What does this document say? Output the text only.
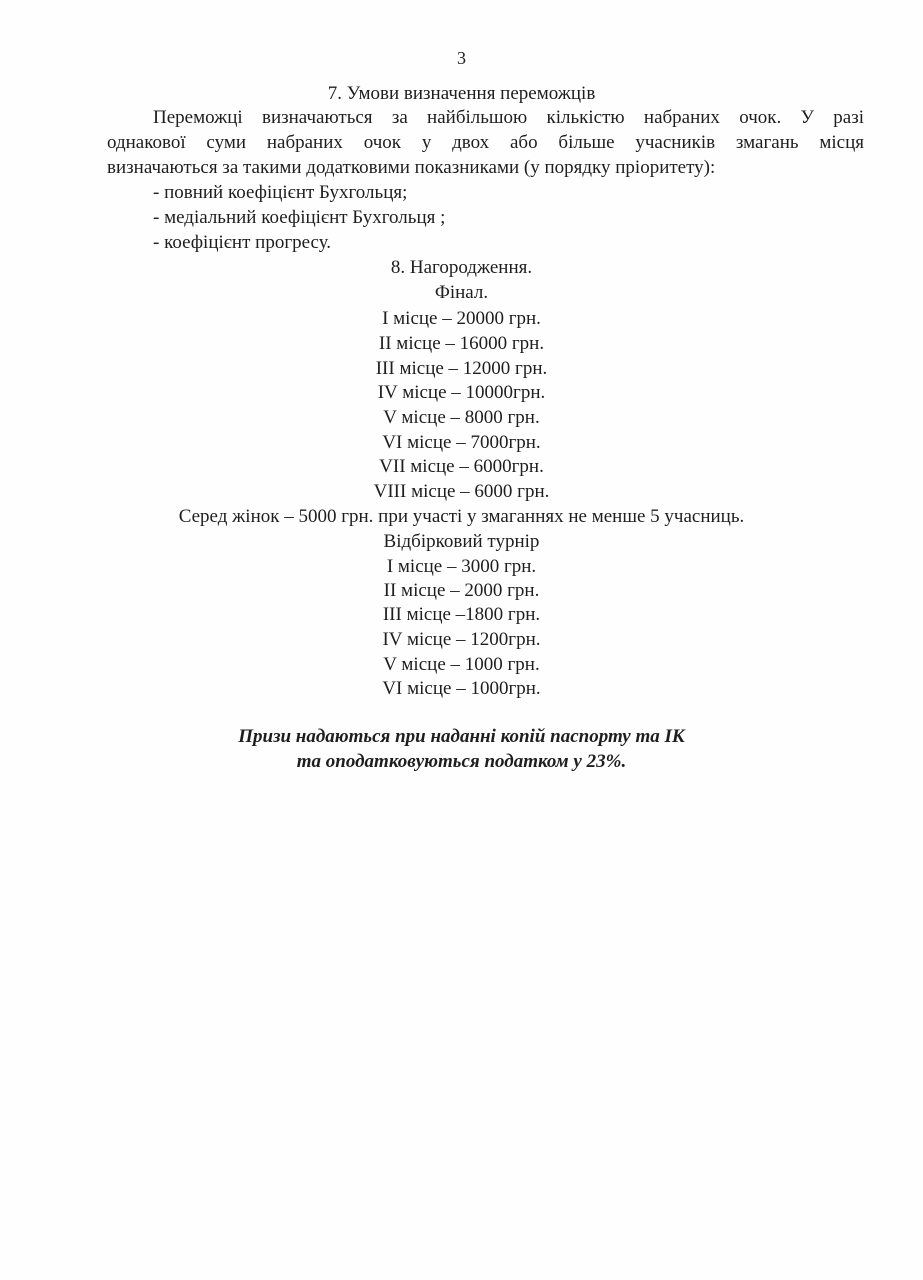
3
7. Умови визначення переможців
Переможці визначаються за найбільшою кількістю набраних очок. У разі
однакової суми набраних очок у двох або більше учасників змагань місця
визначаються за такими додатковими показниками (у порядку пріоритету):
- повний коефіцієнт Бухгольця;
- медіальний коефіцієнт Бухгольця ;
- коефіцієнт прогресу.
8. Нагородження.
Фінал.
I місце – 20000 грн.
II місце – 16000 грн.
III місце – 12000 грн.
IV місце – 10000грн.
V місце – 8000 грн.
VI місце – 7000грн.
VII місце – 6000грн.
VIII місце – 6000 грн.
Серед жінок – 5000 грн. при участі у змаганнях не менше 5 учасниць.
Відбірковий турнір
I місце – 3000 грн.
II місце – 2000 грн.
III місце –1800 грн.
IV місце – 1200грн.
V місце – 1000 грн.
VI місце – 1000грн.
Призи надаються при наданні копій паспорту та ІК
та оподатковуються податком у 23%.
